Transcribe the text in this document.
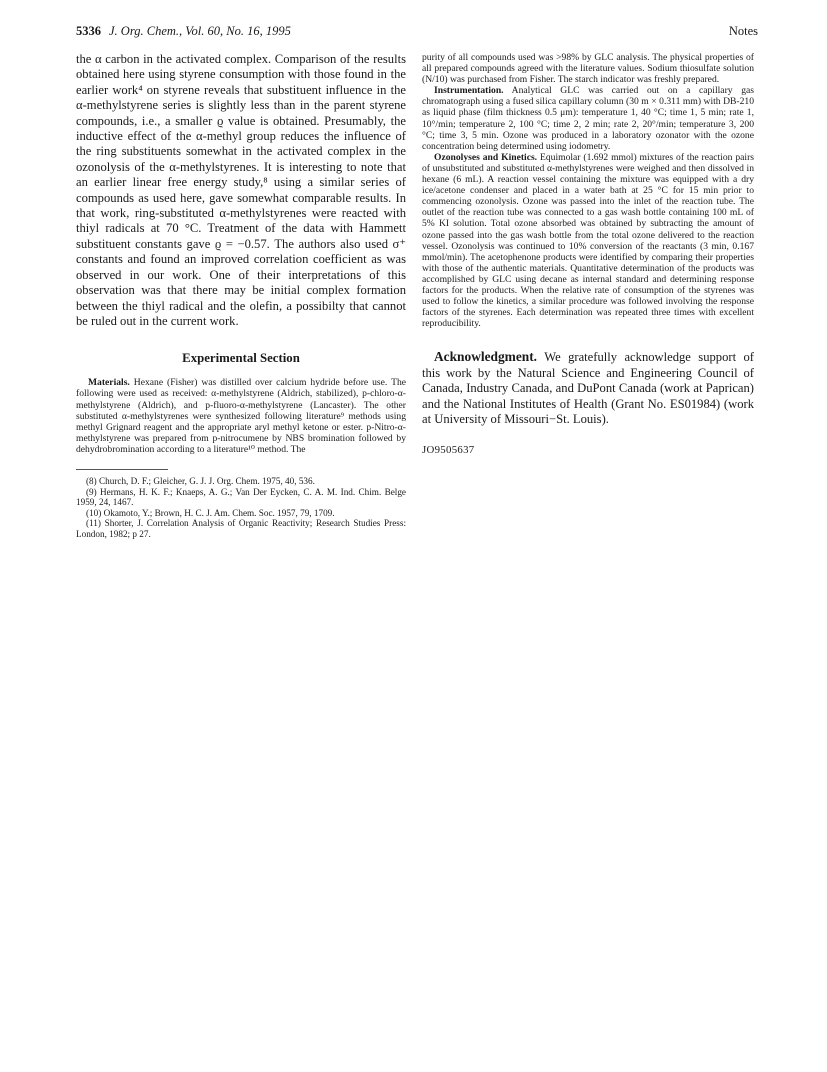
5336 J. Org. Chem., Vol. 60, No. 16, 1995	Notes

the α carbon in the activated complex. Comparison of the results obtained here using styrene consumption with those found in the earlier work⁴ on styrene reveals that substituent influence in the α-methylstyrene series is slightly less than in the parent styrene compounds, i.e., a smaller ϱ value is obtained. Presumably, the inductive effect of the α-methyl group reduces the influence of the ring substituents somewhat in the activated complex in the ozonolysis of the α-methylstyrenes. It is interesting to note that an earlier linear free energy study,⁸ using a similar series of compounds as used here, gave somewhat comparable results. In that work, ring-substituted α-methylstyrenes were reacted with thiyl radicals at 70 °C. Treatment of the data with Hammett substituent constants gave ϱ = −0.57. The authors also used σ⁺ constants and found an improved correlation coefficient as was observed in our work. One of their interpretations of this observation was that there may be initial complex formation between the thiyl radical and the olefin, a possibilty that cannot be ruled out in the current work.

Experimental Section

Materials. Hexane (Fisher) was distilled over calcium hydride before use. The following were used as received: α-methylstyrene (Aldrich, stabilized), p-chloro-α-methylstyrene (Aldrich), and p-fluoro-α-methylstyrene (Lancaster). The other substituted α-methylstyrenes were synthesized following literature⁹ methods using methyl Grignard reagent and the appropriate aryl methyl ketone or ester. p-Nitro-α-methylstyrene was prepared from p-nitrocumene by NBS bromination followed by dehydrobromination according to a literature¹⁰ method. The

(8) Church, D. F.; Gleicher, G. J. J. Org. Chem. 1975, 40, 536.
(9) Hermans, H. K. F.; Knaeps, A. G.; Van Der Eycken, C. A. M. Ind. Chim. Belge 1959, 24, 1467.
(10) Okamoto, Y.; Brown, H. C. J. Am. Chem. Soc. 1957, 79, 1709.
(11) Shorter, J. Correlation Analysis of Organic Reactivity; Research Studies Press: London, 1982; p 27.

purity of all compounds used was >98% by GLC analysis. The physical properties of all prepared compounds agreed with the literature values. Sodium thiosulfate solution (N/10) was purchased from Fisher. The starch indicator was freshly prepared.

Instrumentation. Analytical GLC was carried out on a capillary gas chromatograph using a fused silica capillary column (30 m × 0.311 mm) with DB-210 as liquid phase (film thickness 0.5 μm): temperature 1, 40 °C; time 1, 5 min; rate 1, 10°/min; temperature 2, 100 °C; time 2, 2 min; rate 2, 20°/min; temperature 3, 200 °C; time 3, 5 min. Ozone was produced in a laboratory ozonator with the ozone concentration being determined using iodometry.

Ozonolyses and Kinetics. Equimolar (1.692 mmol) mixtures of the reaction pairs of unsubstituted and substituted α-methylstyrenes were weighed and then dissolved in hexane (6 mL). A reaction vessel containing the mixture was equipped with a dry ice/acetone condenser and placed in a water bath at 25 °C for 15 min prior to commencing ozonolysis. Ozone was passed into the inlet of the reaction tube. The outlet of the reaction tube was connected to a gas wash bottle containing 100 mL of 5% KI solution. Total ozone absorbed was obtained by subtracting the amount of ozone passed into the gas wash bottle from the total ozone delivered to the reaction vessel. Ozonolysis was continued to 10% conversion of the reactants (3 min, 0.167 mmol/min). The acetophenone products were identified by comparing their properties with those of the authentic materials. Quantitative determination of the products was accomplished by GLC using decane as internal standard and determining response factors for the products. When the relative rate of consumption of the styrenes was used to follow the kinetics, a similar procedure was followed involving the response factors of the styrenes. Each determination was repeated three times with excellent reproducibility.

Acknowledgment. We gratefully acknowledge support of this work by the Natural Science and Engineering Council of Canada, Industry Canada, and DuPont Canada (work at Paprican) and the National Institutes of Health (Grant No. ES01984) (work at University of Missouri−St. Louis).

JO9505637
